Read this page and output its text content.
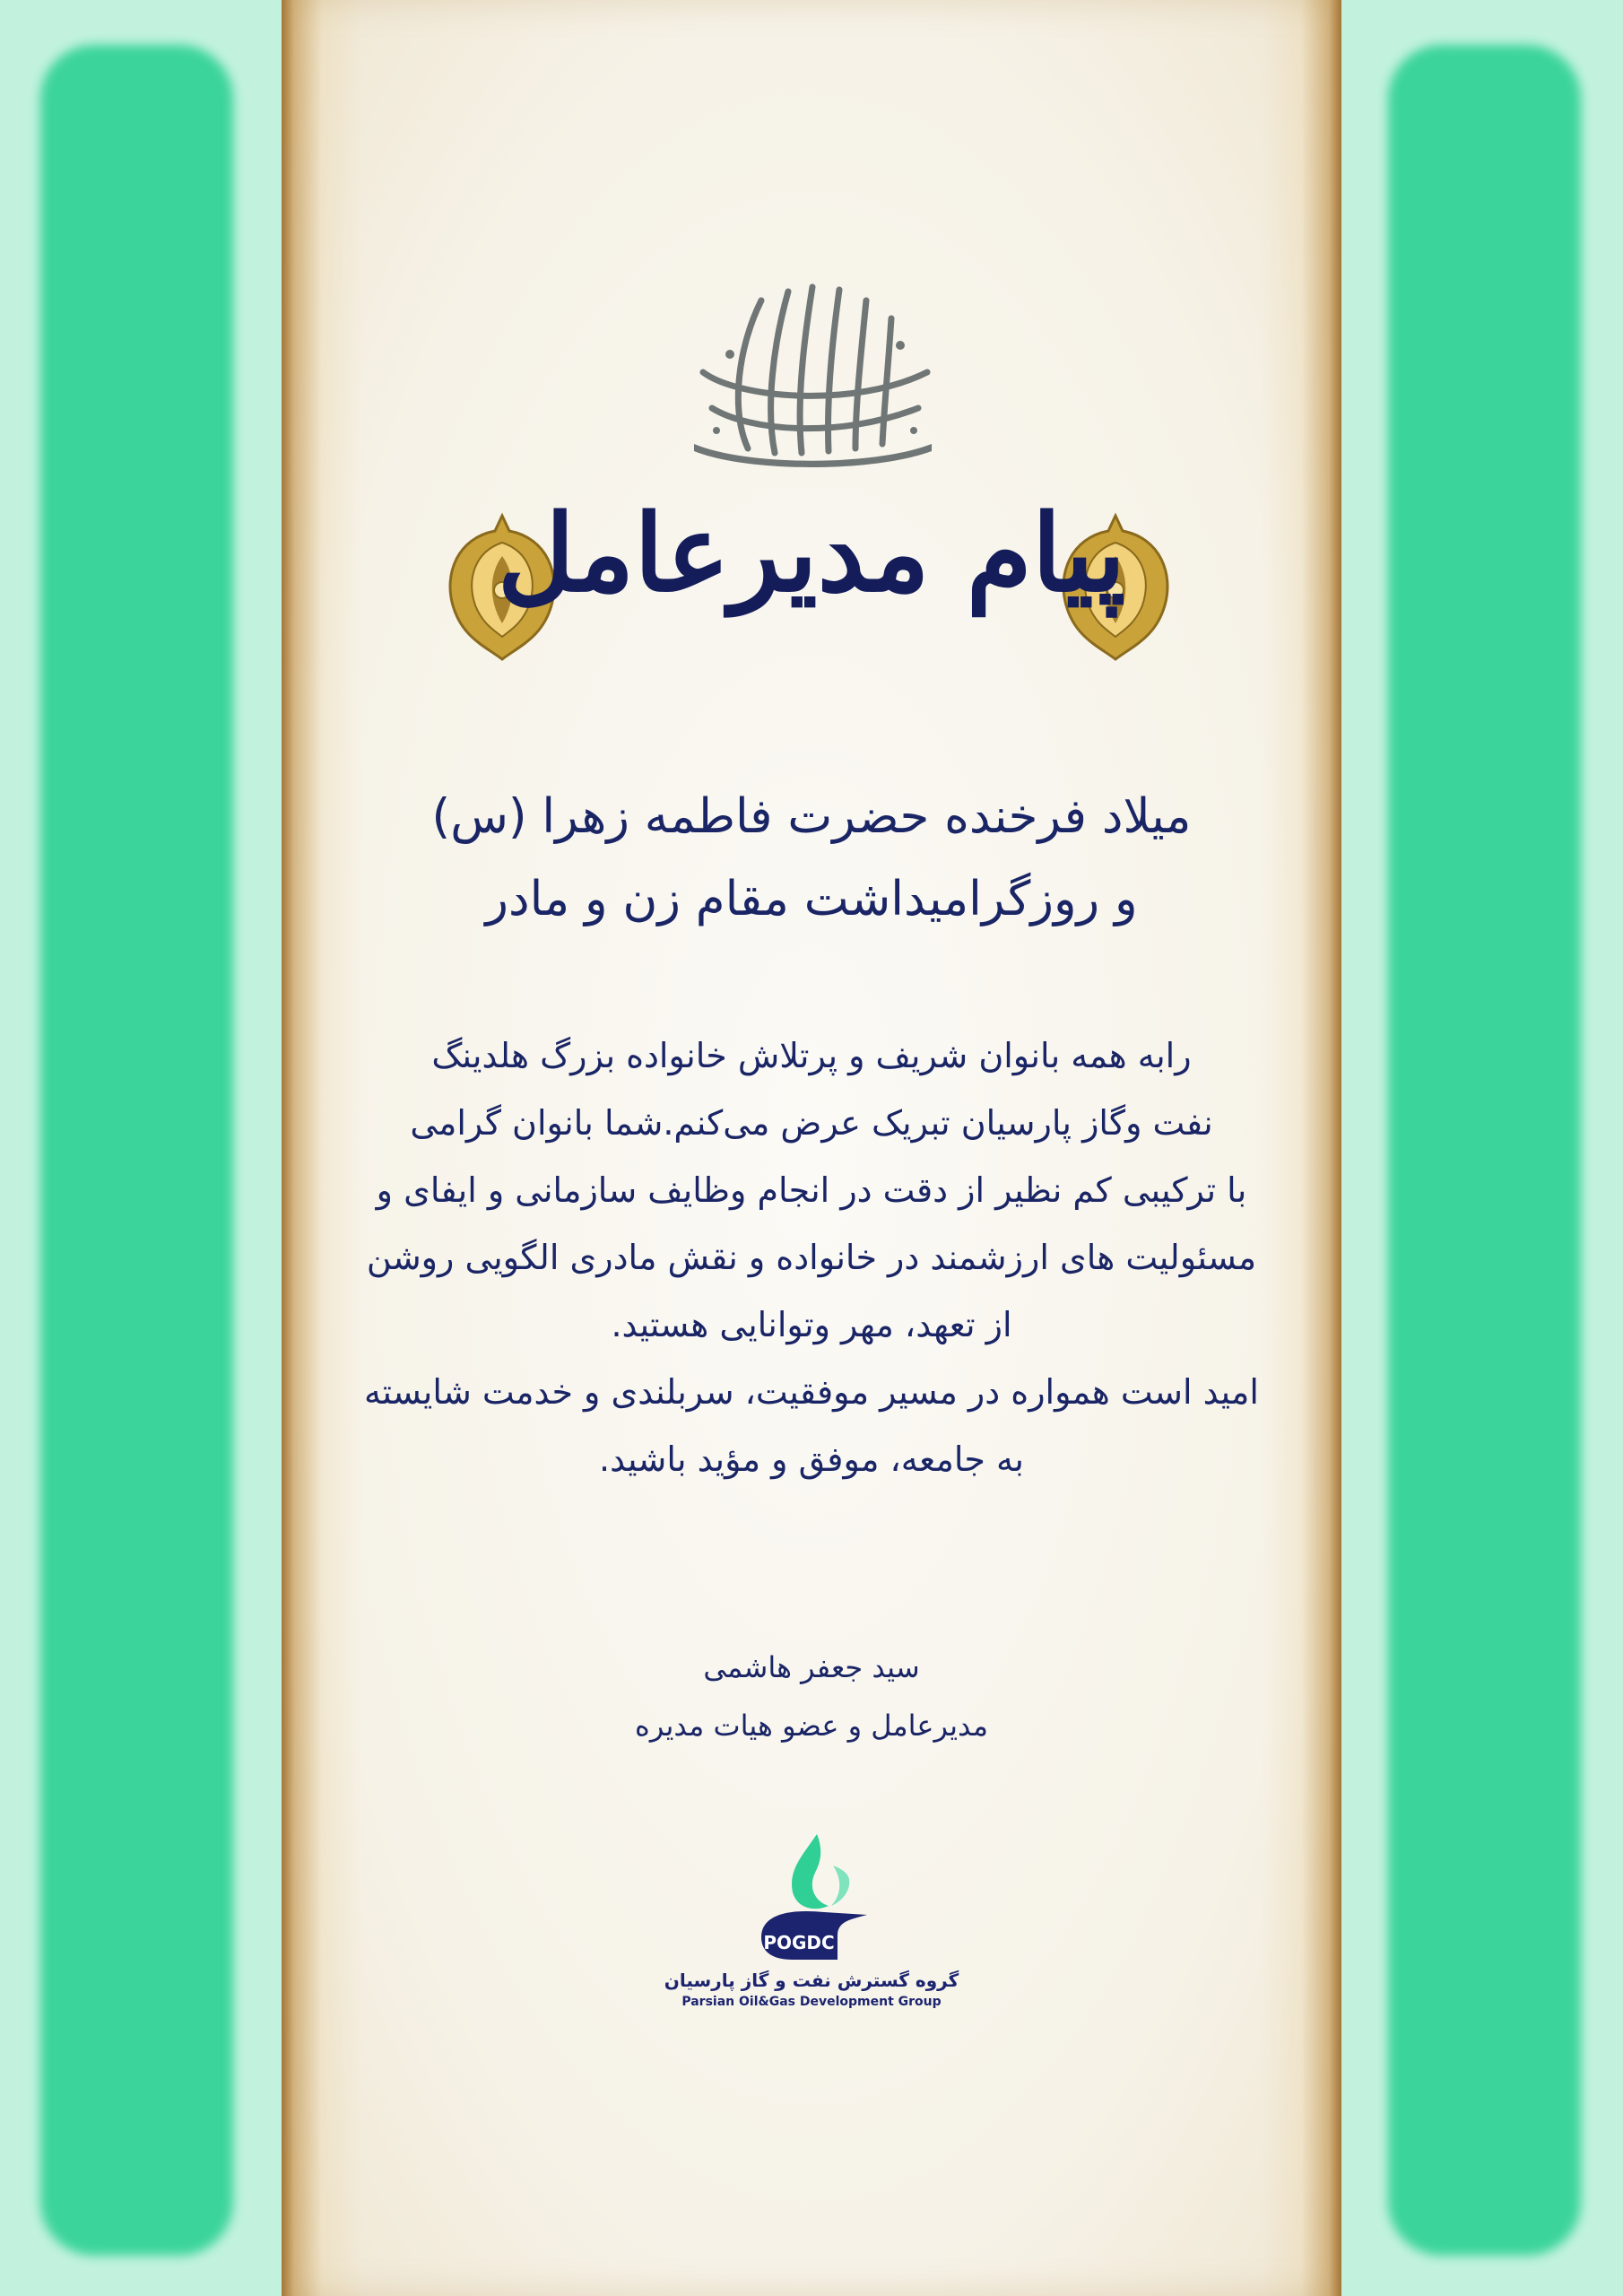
پیام مدیرعامل
میلاد فرخنده حضرت فاطمه زهرا (س)
و روزگرامیداشت مقام زن و مادر
رابه همه بانوان شریف و پرتلاش خانواده بزرگ هلدینگ
نفت وگاز پارسیان تبریک عرض می‌کنم.شما بانوان گرامی
با ترکیبی کم نظیر از دقت در انجام وظایف سازمانی و ایفای و
مسئولیت های ارزشمند در خانواده و نقش مادری الگویی روشن
از تعهد، مهر وتوانایی هستید.
امید است همواره در مسیر موفقیت، سربلندی و خدمت شایسته
به جامعه، موفق و مؤید باشید.
سید جعفر هاشمی
مدیرعامل و عضو هیات مدیره
POGDC
گروه گسترش نفت و گاز پارسیان
Parsian Oil&Gas Development Group
